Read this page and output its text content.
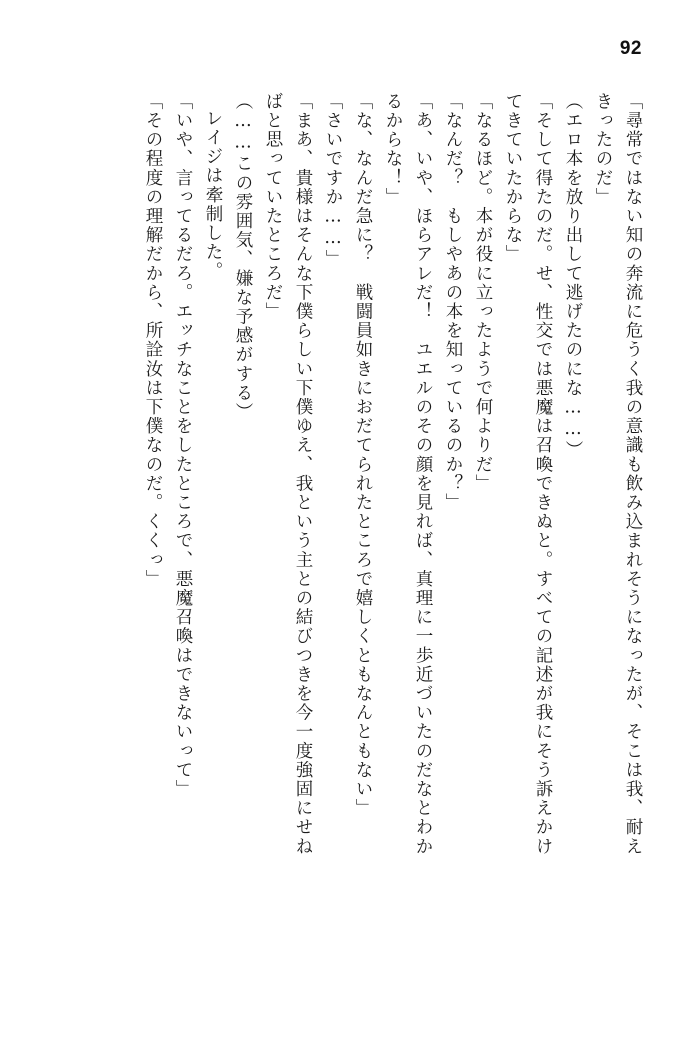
92
「尋常ではない知の奔流に危うく我の意識も飲み込まれそうになったが、そこは我、耐え
きったのだ」
（エロ本を放り出して逃げたのにな……）
「そして得たのだ。せ、性交では悪魔は召喚できぬと。すべての記述が我にそう訴えかけ
てきていたからな」
「なるほど。本が役に立ったようで何よりだ」
「なんだ？　もしやあの本を知っているのか？」
「あ、いや、ほらアレだ！　ユエルのその顔を見れば、真理に一歩近づいたのだなとわか
るからな！」
「な、なんだ急に？　戦闘員如きにおだてられたところで嬉しくともなんともない」
「さいですか……」
「まあ、貴様はそんな下僕らしい下僕ゆえ、我という主との結びつきを今一度強固にせね
ばと思っていたところだ」
（……この雰囲気、嫌な予感がする）
レイジは牽制した。
「いや、言ってるだろ。エッチなことをしたところで、悪魔召喚はできないって」
「その程度の理解だから、所詮汝は下僕なのだ。くくっ」
